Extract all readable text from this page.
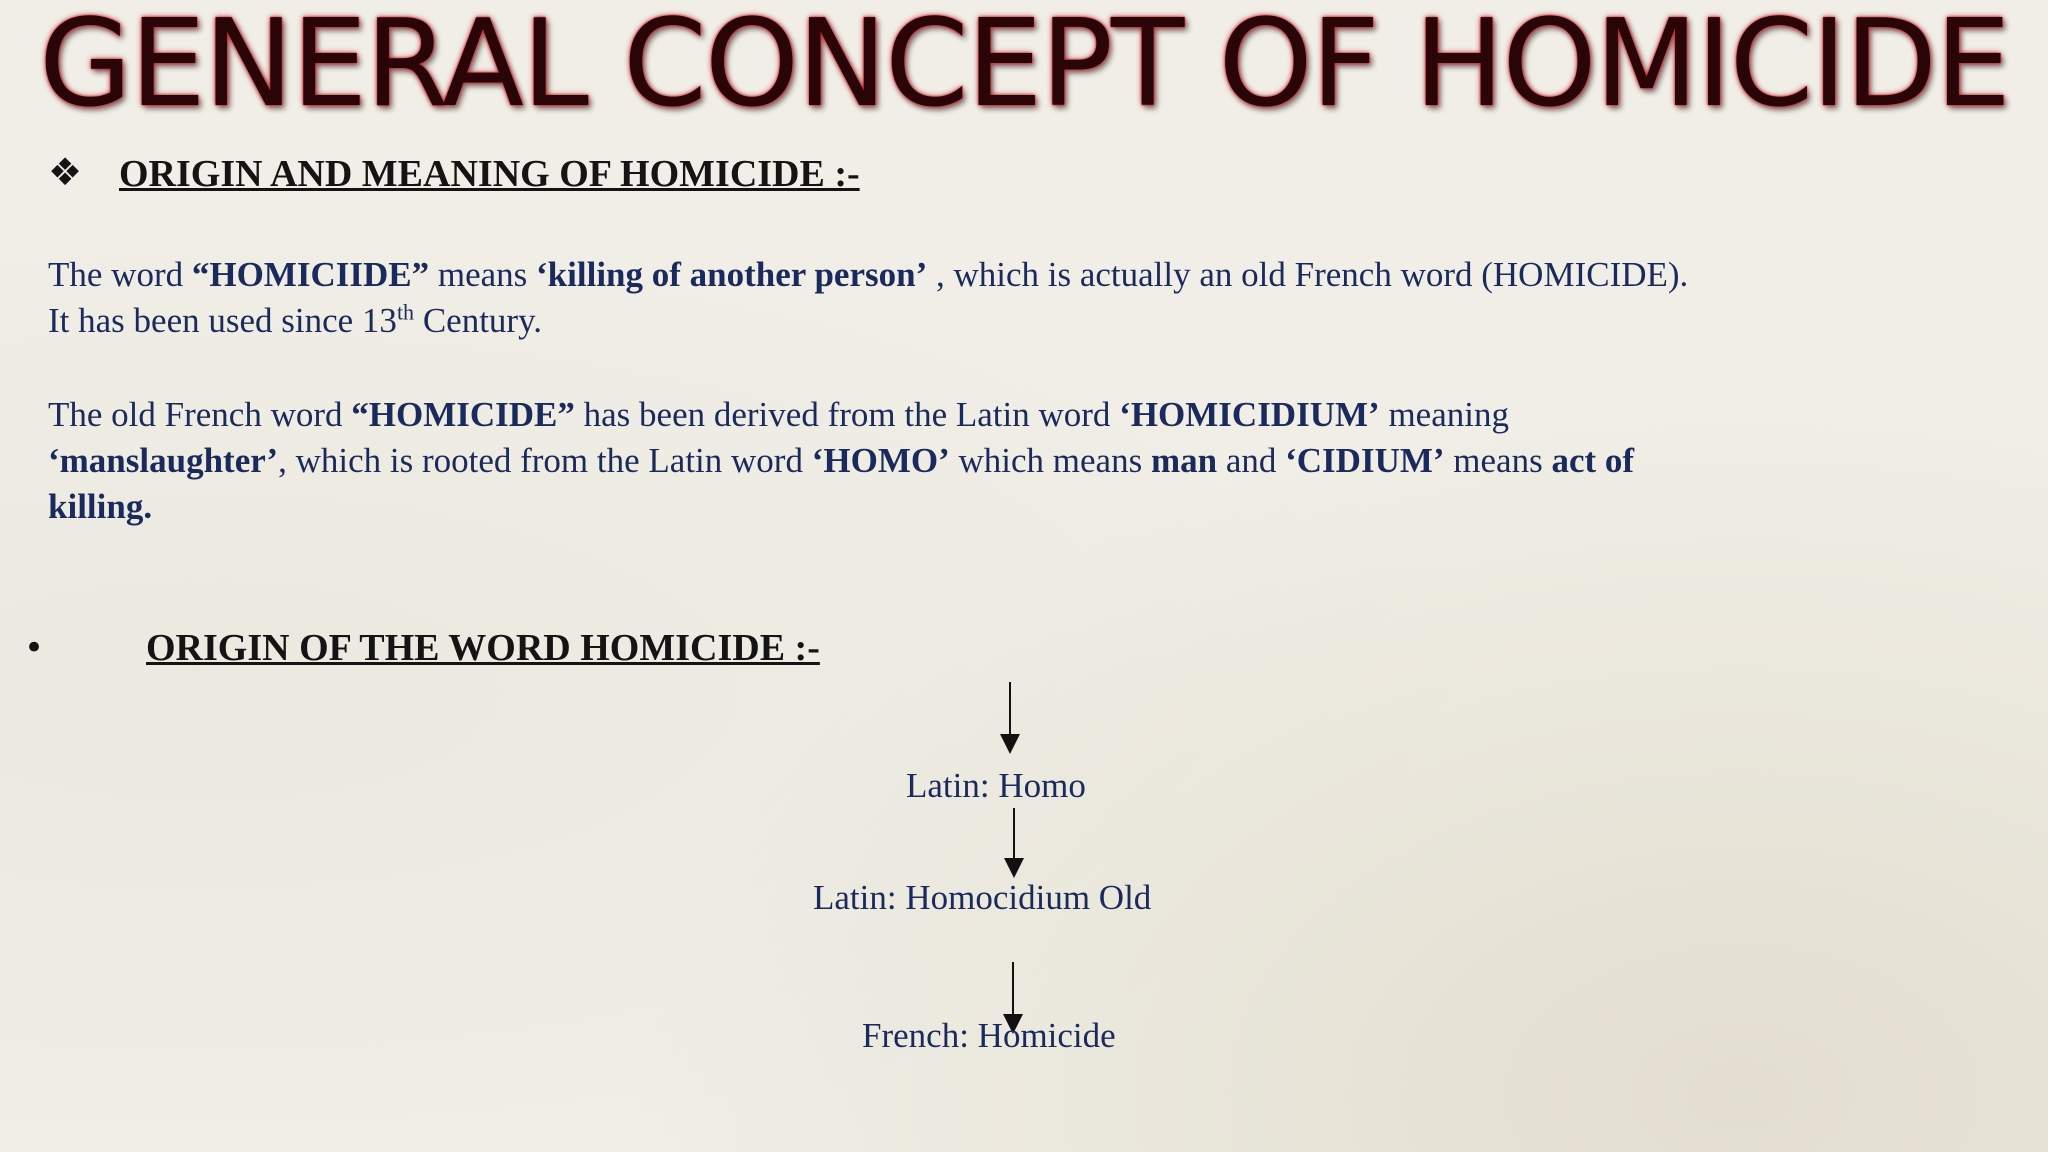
GENERAL CONCEPT OF HOMICIDE
❖ ORIGIN AND MEANING OF HOMICIDE :-
The word “HOMICIIDE” means ‘killing of another person’ , which is actually an old French word (HOMICIDE).
It has been used since 13th Century.
The old French word “HOMICIDE” has been derived from the Latin word ‘HOMICIDIUM’ meaning
‘manslaughter’, which is rooted from the Latin word ‘HOMO’ which means man and ‘CIDIUM’ means act of
killing.
•	ORIGIN OF THE WORD HOMICIDE :-
Latin: Homo
Latin: Homocidium Old
French: Homicide
